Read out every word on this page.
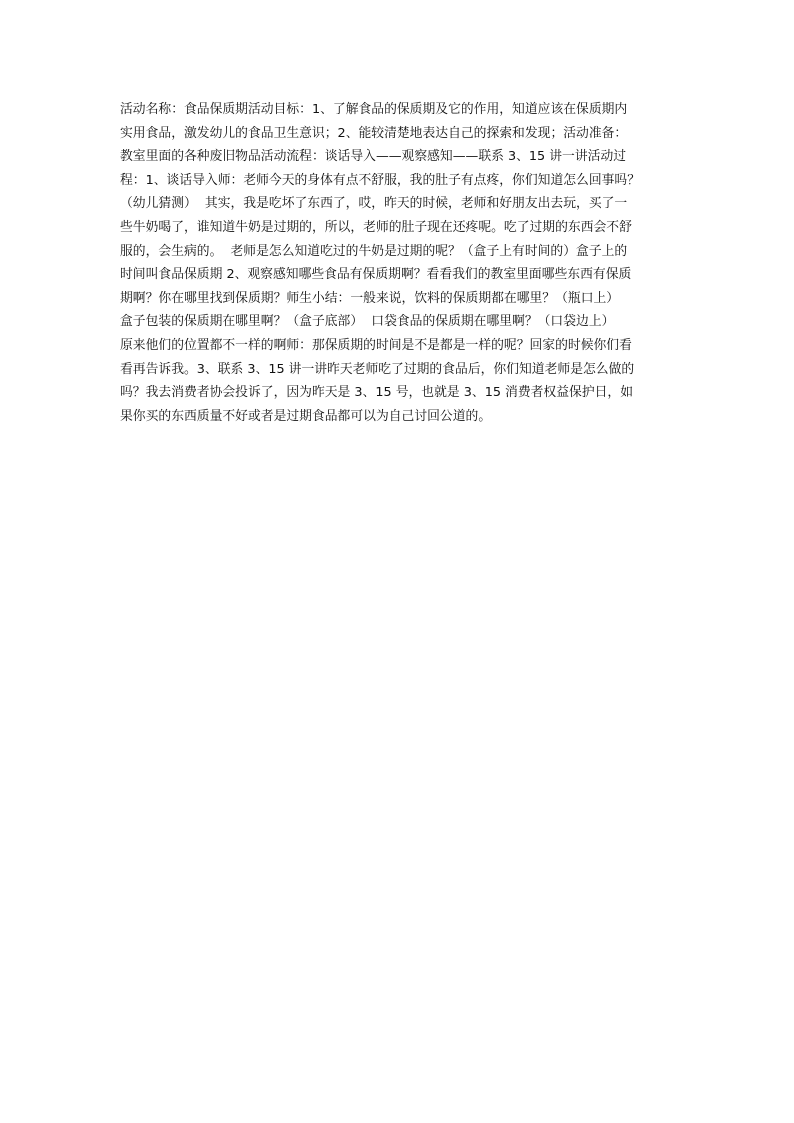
活动名称：食品保质期活动目标：1、了解食品的保质期及它的作用，知道应该在保质期内
实用食品，激发幼儿的食品卫生意识；2、能较清楚地表达自己的探索和发现；活动准备：
教室里面的各种废旧物品活动流程：谈话导入——观察感知——联系 3、15 讲一讲活动过
程：1、谈话导入师：老师今天的身体有点不舒服，我的肚子有点疼，你们知道怎么回事吗？
（幼儿猜测）  其实，我是吃坏了东西了，哎，昨天的时候，老师和好朋友出去玩，买了一
些牛奶喝了，谁知道牛奶是过期的，所以，老师的肚子现在还疼呢。吃了过期的东西会不舒
服的，会生病的。  老师是怎么知道吃过的牛奶是过期的呢？（盒子上有时间的）盒子上的
时间叫食品保质期 2、观察感知哪些食品有保质期啊？看看我们的教室里面哪些东西有保质
期啊？你在哪里找到保质期？师生小结：一般来说，饮料的保质期都在哪里？（瓶口上）
盒子包装的保质期在哪里啊？（盒子底部）  口袋食品的保质期在哪里啊？（口袋边上）
原来他们的位置都不一样的啊师：那保质期的时间是不是都是一样的呢？回家的时候你们看
看再告诉我。3、联系 3、15 讲一讲昨天老师吃了过期的食品后，你们知道老师是怎么做的
吗？我去消费者协会投诉了，因为昨天是 3、15 号，也就是 3、15 消费者权益保护日，如
果你买的东西质量不好或者是过期食品都可以为自己讨回公道的。
